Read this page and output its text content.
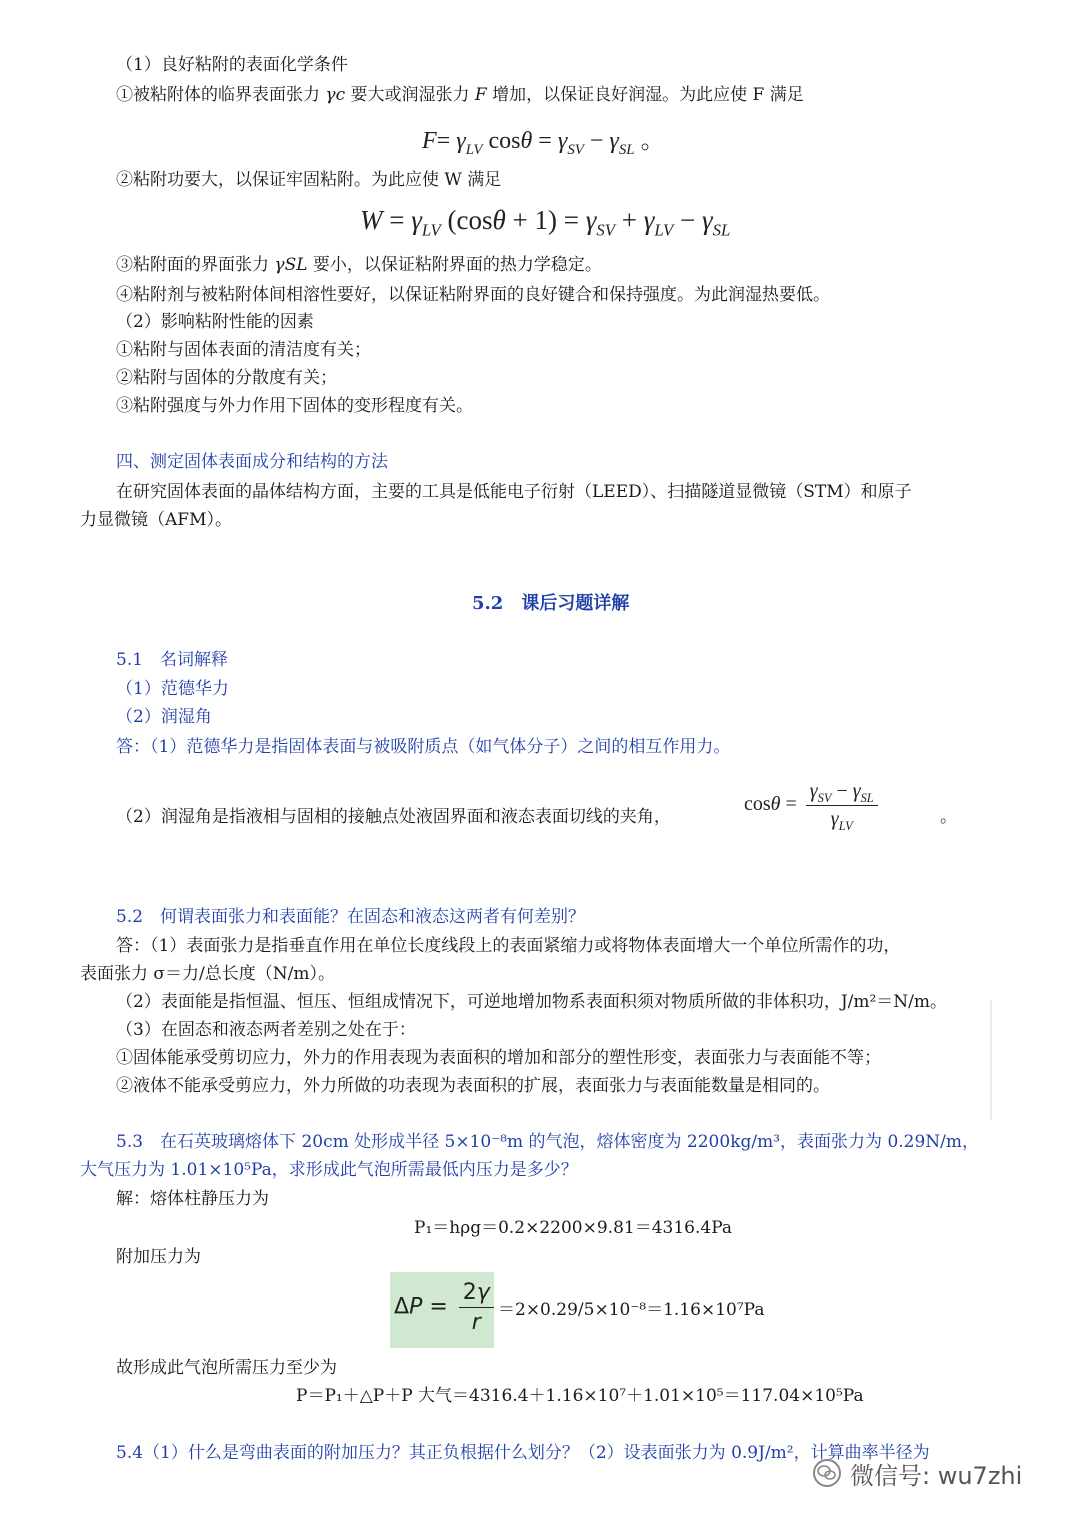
（1）良好粘附的表面化学条件
①被粘附体的临界表面张力 γc 要大或润湿张力 F 增加，以保证良好润湿。为此应使 F 满足
$F= \gamma_{LV}$ $\cos\theta = \gamma_{SV} - \gamma_{SL}$ 。
②粘附功要大，以保证牢固粘附。为此应使 W 满足
$W = \gamma_{LV}$ $(\cos\theta + 1) = \gamma_{SV} + \gamma_{LV} - \gamma_{SL}$
③粘附面的界面张力 γSL 要小，以保证粘附界面的热力学稳定。
④粘附剂与被粘附体间相溶性要好，以保证粘附界面的良好键合和保持强度。为此润湿热要低。
（2）影响粘附性能的因素
①粘附与固体表面的清洁度有关；
②粘附与固体的分散度有关；
③粘附强度与外力作用下固体的变形程度有关。
四、测定固体表面成分和结构的方法
在研究固体表面的晶体结构方面，主要的工具是低能电子衍射（LEED）、扫描隧道显微镜（STM）和原子
力显微镜（AFM）。
5.2　课后习题详解
5.1　名词解释
（1）范德华力
（2）润湿角
答：（1）范德华力是指固体表面与被吸附质点（如气体分子）之间的相互作用力。
（2）润湿角是指液相与固相的接触点处液固界面和液态表面切线的夹角，
$\cos\theta = \frac{\gamma_{SV} - \gamma_{SL}}{\gamma_{LV}}$	。
5.2　何谓表面张力和表面能？在固态和液态这两者有何差别？
答：（1）表面张力是指垂直作用在单位长度线段上的表面紧缩力或将物体表面增大一个单位所需作的功，
表面张力 σ＝力/总长度（N/m）。
（2）表面能是指恒温、恒压、恒组成情况下，可逆地增加物系表面积须对物质所做的非体积功，J/m²＝N/m。
（3）在固态和液态两者差别之处在于：
①固体能承受剪切应力，外力的作用表现为表面积的增加和部分的塑性形变，表面张力与表面能不等；
②液体不能承受剪应力，外力所做的功表现为表面积的扩展，表面张力与表面能数量是相同的。
5.3　在石英玻璃熔体下 20cm 处形成半径 5×10⁻⁸m 的气泡，熔体密度为 2200kg/m³，表面张力为 0.29N/m，
大气压力为 1.01×10⁵Pa，求形成此气泡所需最低内压力是多少？
解：熔体柱静压力为
P₁＝hρg＝0.2×2200×9.81＝4316.4Pa
附加压力为
$\Delta P = \frac{2\gamma}{r} =2\times 0.29/5\times 10^{-8}=1.16\times 10^7Pa$
故形成此气泡所需压力至少为
P＝P₁＋△P＋P 大气＝4316.4＋1.16×10⁷＋1.01×10⁵＝117.04×10⁵Pa
5.4（1）什么是弯曲表面的附加压力？其正负根据什么划分？（2）设表面张力为 0.9J/m²，计算曲率半径为
微信号: wu7zhi
